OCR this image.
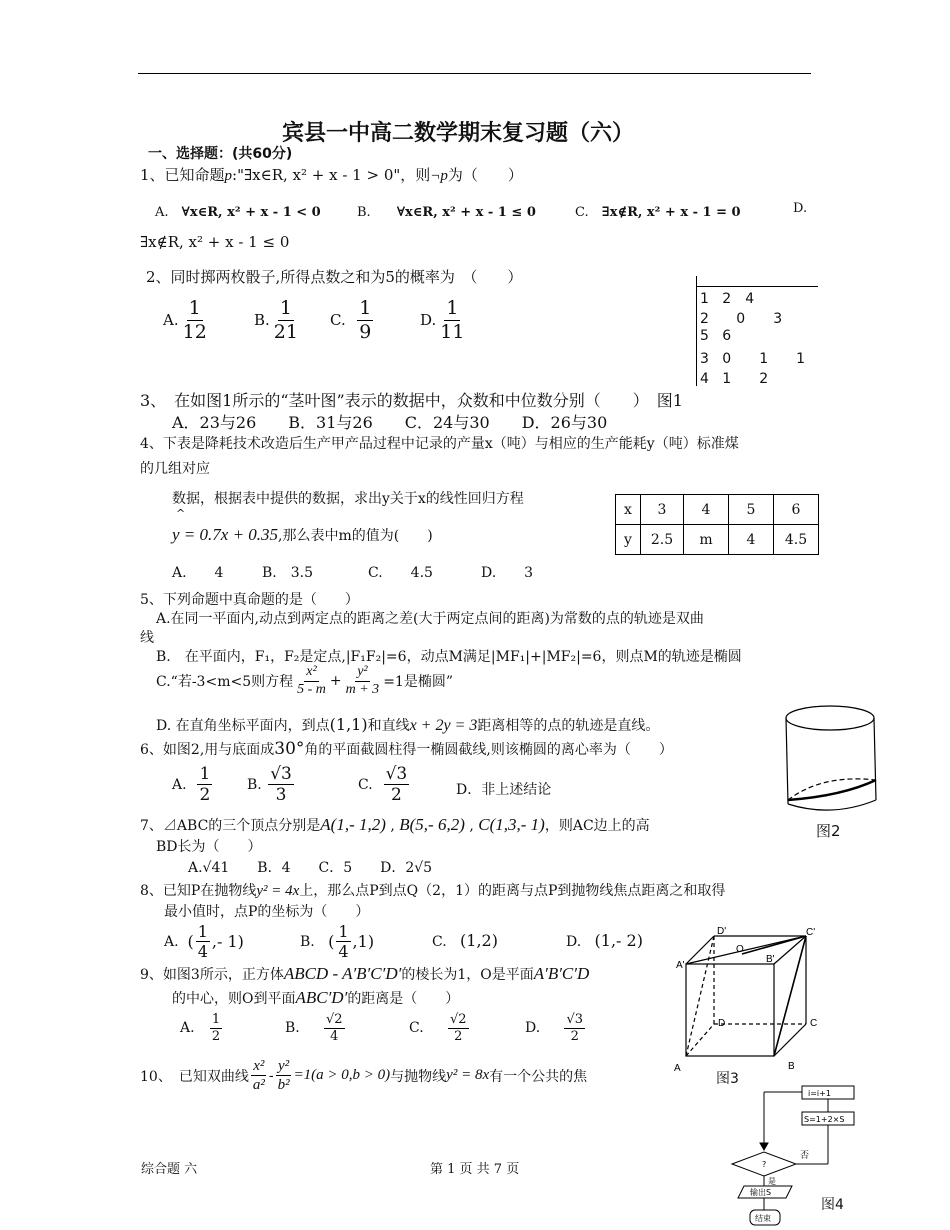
宾县一中高二数学期末复习题（六）
一、选择题：(共60分)
1、已知命题p:"∃x∈R, x² + x - 1 > 0"，则¬p为（　　）
A.　 ∀x∈R, x² + x - 1 < 0	B.　　 ∀x∈R, x² + x - 1 ≤ 0	C.　 ∃x∉R, x² + x - 1 = 0	D.
∃x∉R, x² + x - 1 ≤ 0
2、同时掷两枚骰子,所得点数之和为5的概率为　（　　）
A. $\frac{1}{12}$	B. $\frac{1}{21} C$.
$\frac{1}{9}$	D. $\frac{1}{11}$	1 2　4
2   　0　　3
5 6
3 0　　1　　1
4 1　　2
3、　在如图1所示的“茎叶图”表示的数据中，众数和中位数分别（　　）　图1
A．23与26　　B．31与26　　C．24与30　　D．26与30
4、下表是降耗技术改造后生产甲产品过程中记录的产量x（吨）与相应的生产能耗y（吨）标准煤
的几组对应
数据，根据表中提供的数据，求出y关于x的线性回归方程
^
y = 0.7x + 0.35,那么表中m的值为(　　)
A.　　4	B.　3.5	C.　　4.5	D.　　3
x	3	4	5	6
y	2.5	m	4	4.5
5、下列命题中真命题的是（　　）
A.在同一平面内,动点到两定点的距离之差(大于两定点间的距离)为常数的点的轨迹是双曲
线
B.　在平面内，F₁，F₂是定点,|F₁F₂|=6，动点M满足|MF₁|+|MF₂|=6，则点M的轨迹是椭圆
C.“若-3<m<5则方程 $\frac{\text{x²}}{5 - m} + \frac{\text{y²}}{m + 3} =1$是椭圆”
D. 在直角坐标平面内，到点(1,1)和直线x + 2y = 3距离相等的点的轨迹是直线。
图2
6、如图2,用与底面成30°角的平面截圆柱得一椭圆截线,则该椭圆的离心率为（　　）
A.
$\frac{1}{2} B$.
$\frac{√3}{3}$	C.
$\frac{√3}{2}$	D．非上述结论
7、⊿ABC的三个顶点分别是A(1,- 1,2) , B(5,- 6,2) , C(1,3,- 1)，则AC边上的高
BD长为（　　）
A.√41　　B．4　　C．5　　D．2√5
8、已知P在抛物线y² = 4x上，那么点P到点Q（2，1）的距离与点P到抛物线焦点距离之和取得
最小值时，点P的坐标为（　　）
A.
( $\frac{1}{4}$ ,- 1)	B.
( $\frac{1}{4} ,1$)	C. (1,2)	D. (1,- 2)
9、如图3所示，正方体ABCD - A′B′C′D′的棱长为1，O是平面A′B′C′D
的中心，则O到平面ABC′D′的距离是（　　）
A.
$\frac{1}{2}$	B.
$\frac{√2}{4}$	C.
$\frac{√2}{2}$	D.
$\frac{√3}{2}$
A	B
C
D
A'
B'
C'
D'
O
图3
10、　已知双曲线 $\frac{\text{x²}}{\text{a²}} - \frac{\text{y²}}{\text{b²}} =1(a > 0,b > 0)$ 与抛物线 y² = 8x 有一个公共的焦
i=i+1
S=1+2×S
?
否
是
输出S
结束
图4
综合题 六	第 1 页 共 7 页
